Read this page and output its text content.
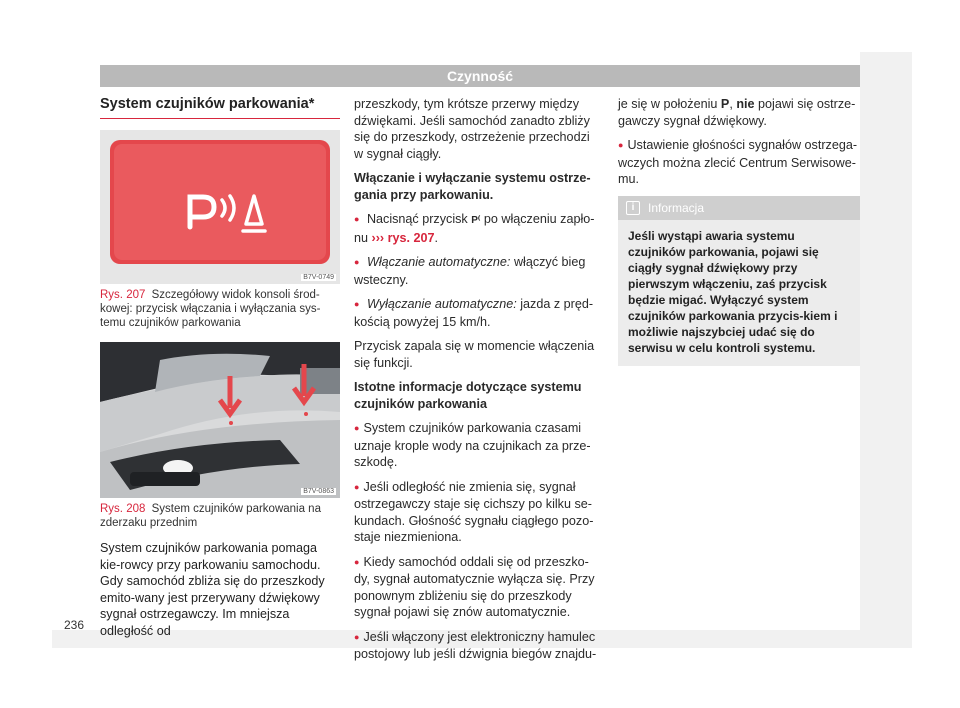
Czynność
System czujników parkowania*
B7V-0749
Rys. 207 Szczegółowy widok konsoli środ-kowej: przycisk włączania i wyłączania sys-temu czujników parkowania
B7V-0863
Rys. 208 System czujników parkowania na zderzaku przednim
System czujników parkowania pomaga kie-rowcy przy parkowaniu samochodu. Gdy samochód zbliża się do przeszkody emito-wany jest przerywany dźwiękowy sygnał ostrzegawczy. Im mniejsza odległość od

przeszkody, tym krótsze przerwy między dźwiękami. Jeśli samochód zanadto zbliży się do przeszkody, ostrzeżenie przechodzi w sygnał ciągły.

Włączanie i wyłączanie systemu ostrze-gania przy parkowaniu.

● Nacisnąć przycisk P⁽ po włączeniu zapło-nu ››› rys. 207.

● Włączanie automatyczne: włączyć bieg wsteczny.

● Wyłączanie automatyczne: jazda z pręd-kością powyżej 15 km/h.

Przycisk zapala się w momencie włączenia się funkcji.

Istotne informacje dotyczące systemu czujników parkowania

● System czujników parkowania czasami uznaje krople wody na czujnikach za prze-szkodę.

● Jeśli odległość nie zmienia się, sygnał ostrzegawczy staje się cichszy po kilku se-kundach. Głośność sygnału ciągłego pozo-staje niezmieniona.

● Kiedy samochód oddali się od przeszko-dy, sygnał automatycznie wyłącza się. Przy ponownym zbliżeniu się do przeszkody sygnał pojawi się znów automatycznie.

● Jeśli włączony jest elektroniczny hamulec postojowy lub jeśli dźwignia biegów znajdu-

je się w położeniu P, nie pojawi się ostrze-gawczy sygnał dźwiękowy.

● Ustawienie głośności sygnałów ostrzega-wczych można zlecić Centrum Serwisowe-mu.

i	Informacja
Jeśli wystąpi awaria systemu czujników parkowania, pojawi się ciągły sygnał dźwiękowy przy pierwszym włączeniu, zaś przycisk będzie migać. Wyłączyć system czujników parkowania przycis-kiem i możliwie najszybciej udać się do serwisu w celu kontroli systemu.
236
